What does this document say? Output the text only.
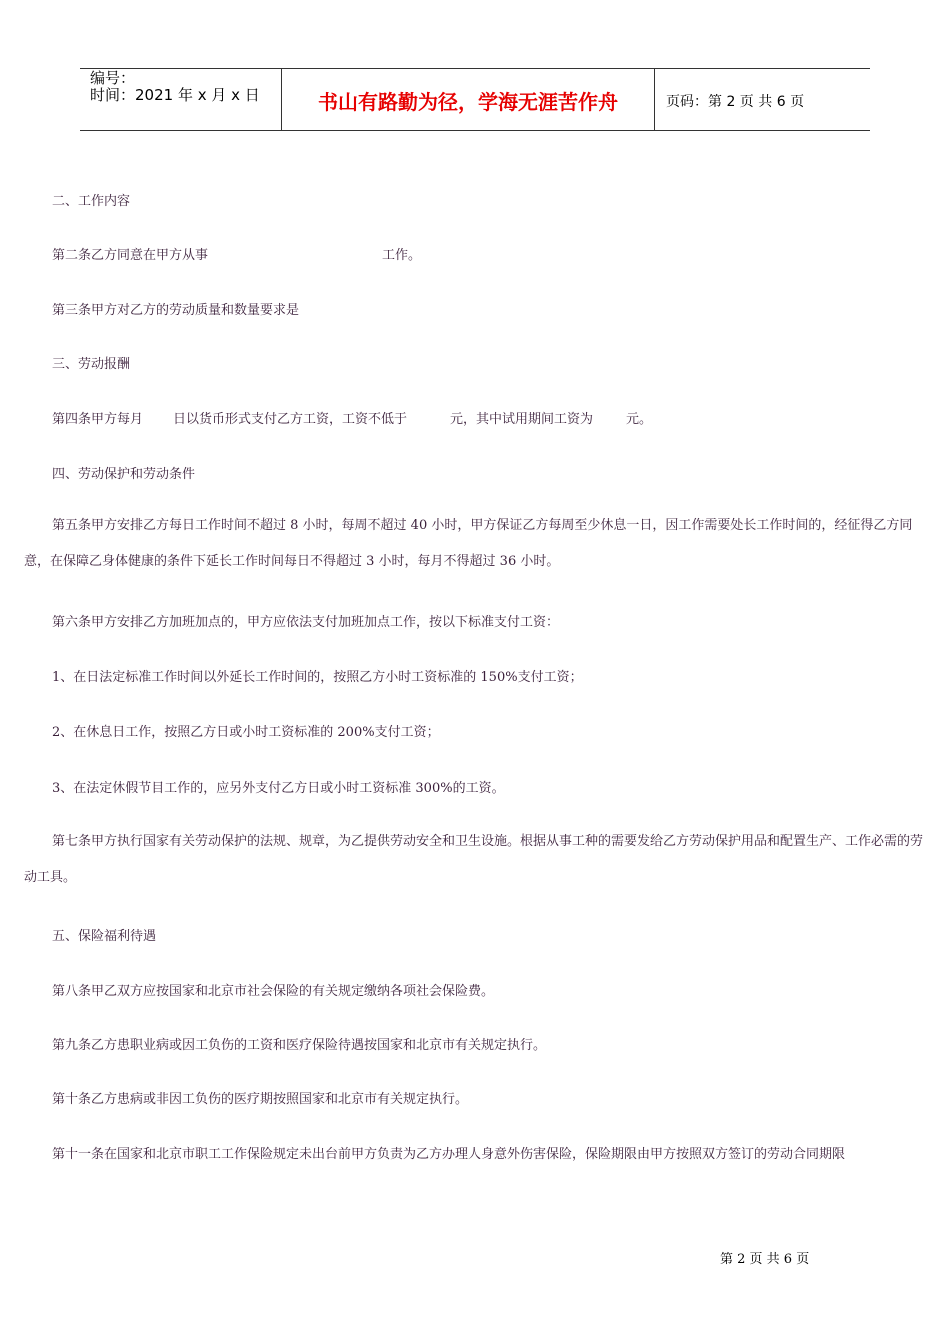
编号：
时间：2021 年 x 月 x 日	书山有路勤为径，学海无涯苦作舟	页码：第 2 页 共 6 页
二、工作内容
第二条乙方同意在甲方从事	工作。
第三条甲方对乙方的劳动质量和数量要求是
三、劳动报酬
第四条甲方每月 日以货币形式支付乙方工资，工资不低于	元，其中试用期间工资为	元。
四、劳动保护和劳动条件
第五条甲方安排乙方每日工作时间不超过 8 小时，每周不超过 40 小时，甲方保证乙方每周至少休息一日，因工作需要处长工作时间的，经征得乙方同意，在保障乙身体健康的条件下延长工作时间每日不得超过 3 小时，每月不得超过 36 小时。
第六条甲方安排乙方加班加点的，甲方应依法支付加班加点工作，按以下标准支付工资：
1、在日法定标准工作时间以外延长工作时间的，按照乙方小时工资标准的 150%支付工资；
2、在休息日工作，按照乙方日或小时工资标准的 200%支付工资；
3、在法定休假节目工作的，应另外支付乙方日或小时工资标准 300%的工资。
第七条甲方执行国家有关劳动保护的法规、规章，为乙提供劳动安全和卫生设施。根据从事工种的需要发给乙方劳动保护用品和配置生产、工作必需的劳动工具。
五、保险福利待遇
第八条甲乙双方应按国家和北京市社会保险的有关规定缴纳各项社会保险费。
第九条乙方患职业病或因工负伤的工资和医疗保险待遇按国家和北京市有关规定执行。
第十条乙方患病或非因工负伤的医疗期按照国家和北京市有关规定执行。
第十一条在国家和北京市职工工作保险规定未出台前甲方负责为乙方办理人身意外伤害保险，保险期限由甲方按照双方签订的劳动合同期限
第 2 页 共 6 页
